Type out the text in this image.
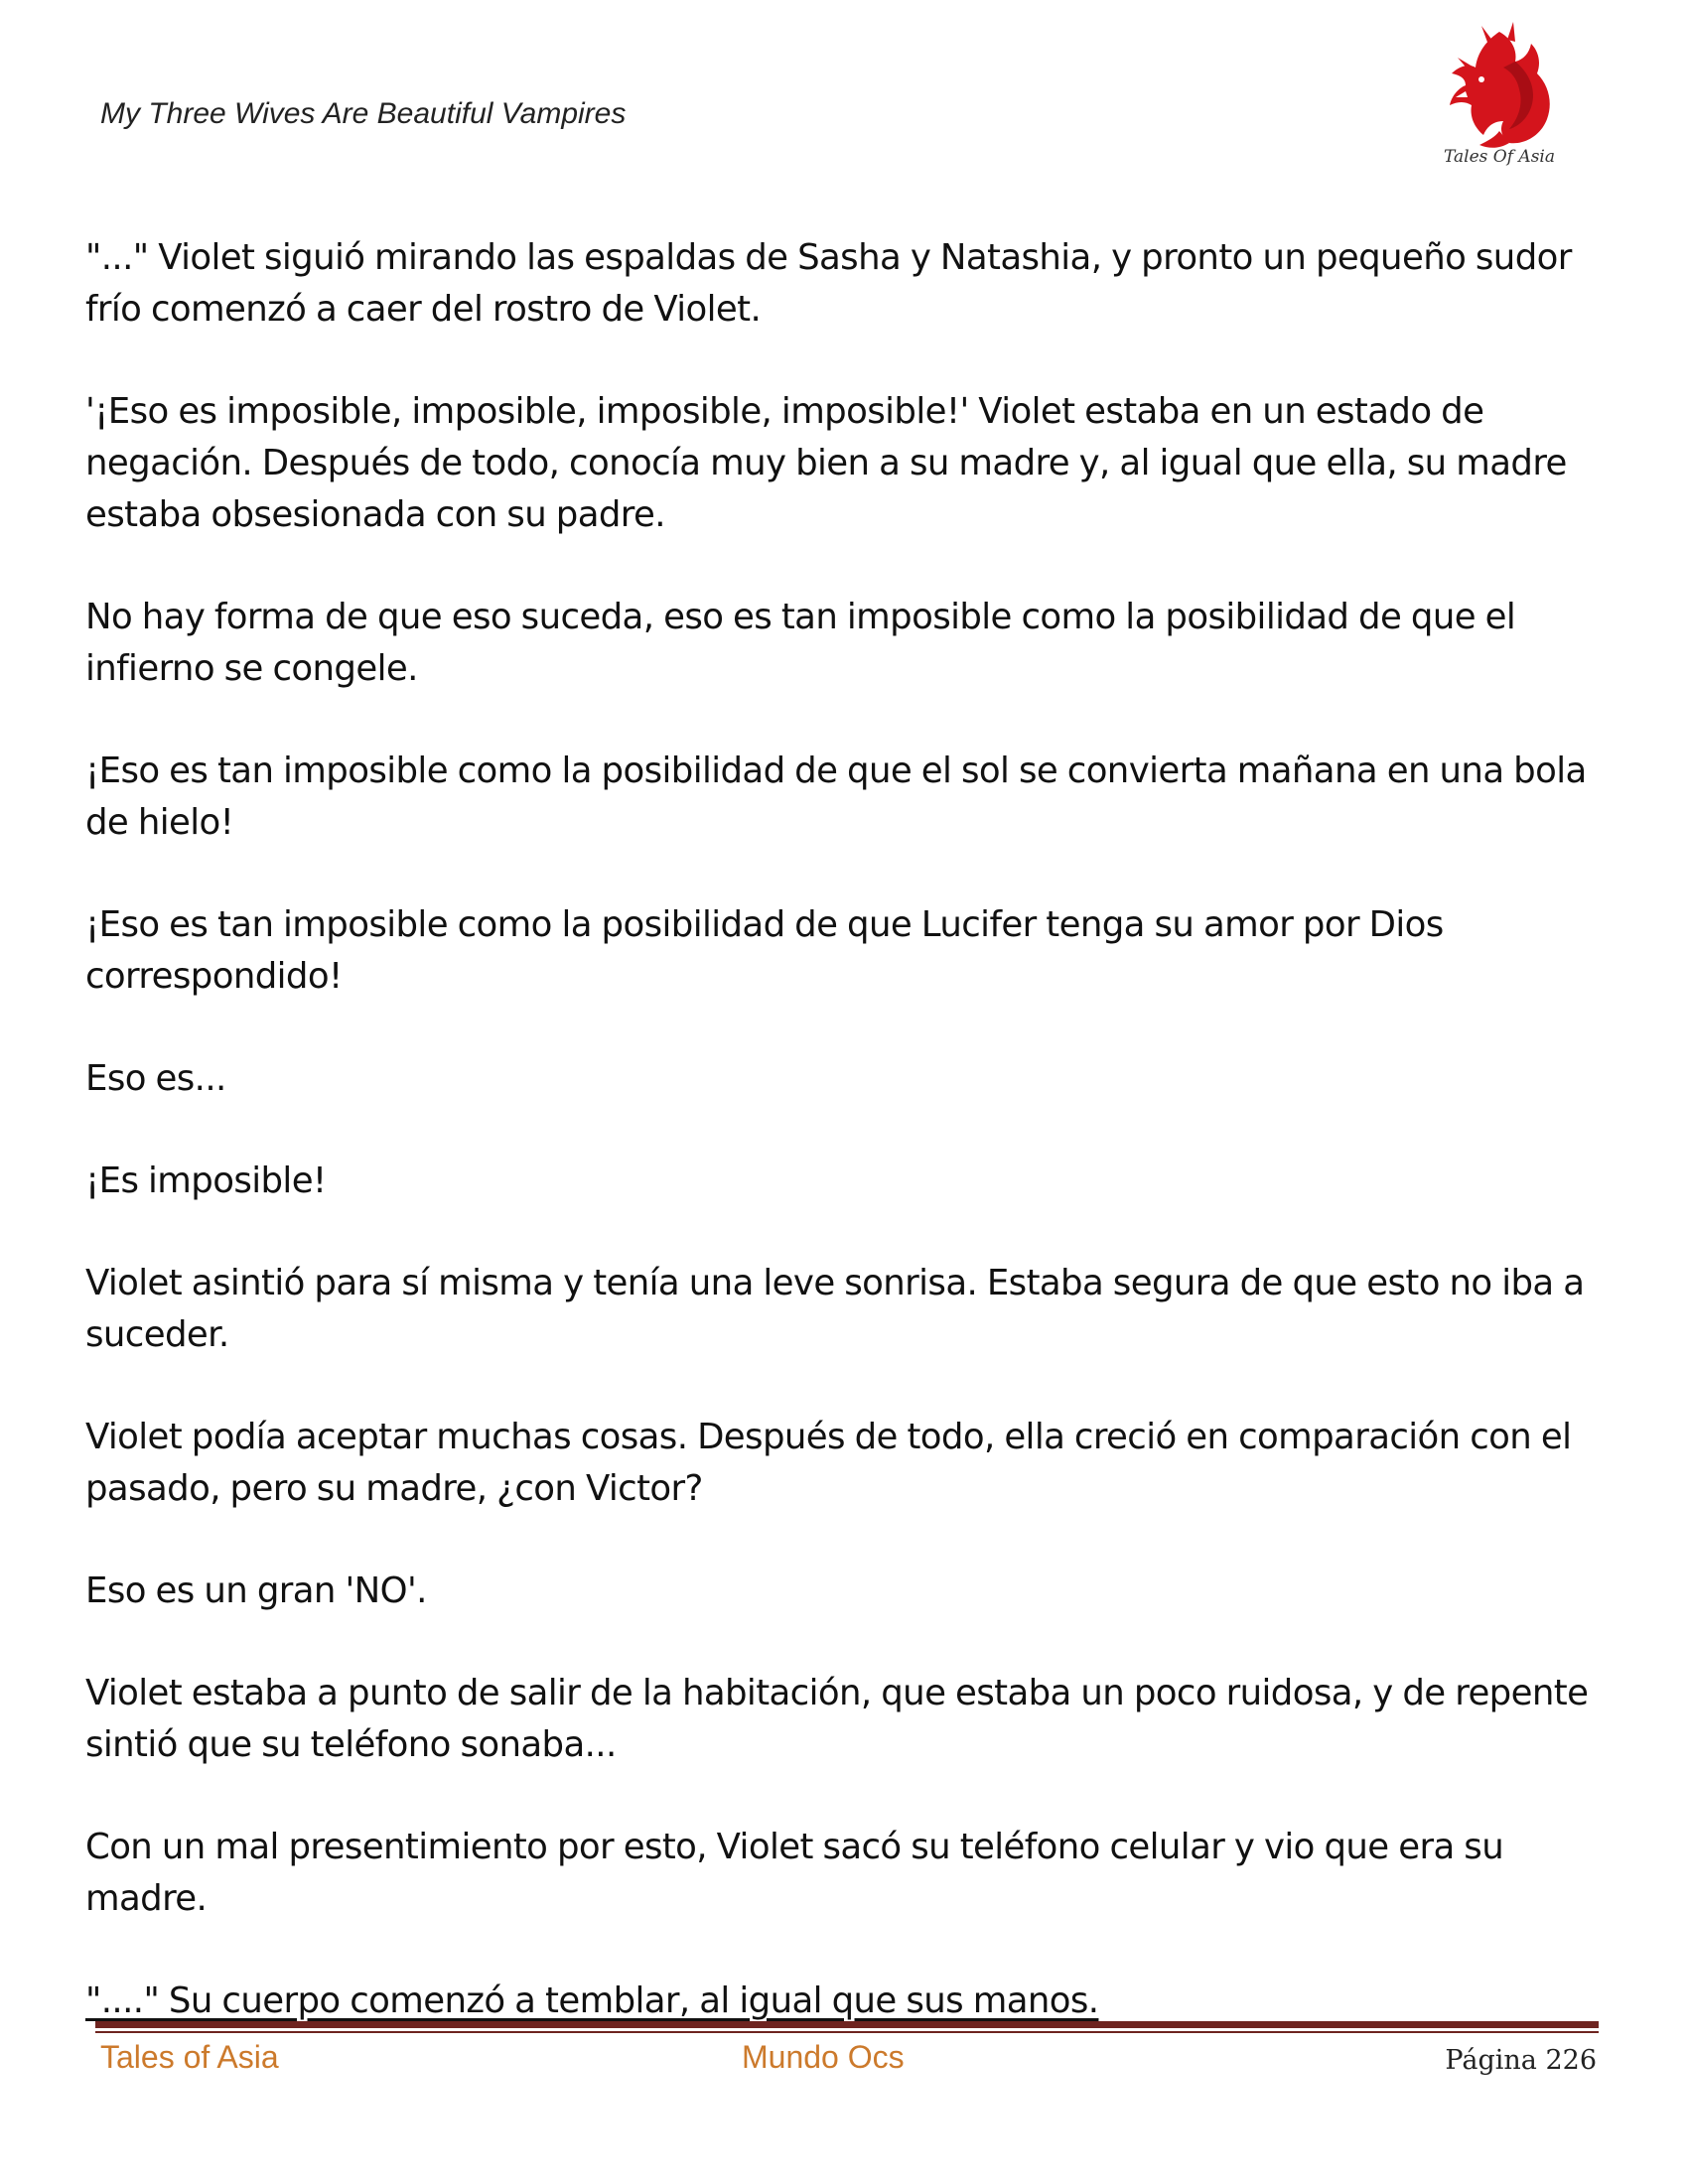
My Three Wives Are Beautiful Vampires
Tales Of Asia

"..." Violet siguió mirando las espaldas de Sasha y Natashia, y pronto un pequeño sudor frío comenzó a caer del rostro de Violet.

'¡Eso es imposible, imposible, imposible, imposible!' Violet estaba en un estado de negación. Después de todo, conocía muy bien a su madre y, al igual que ella, su madre estaba obsesionada con su padre.

No hay forma de que eso suceda, eso es tan imposible como la posibilidad de que el infierno se congele.

¡Eso es tan imposible como la posibilidad de que el sol se convierta mañana en una bola de hielo!

¡Eso es tan imposible como la posibilidad de que Lucifer tenga su amor por Dios correspondido!

Eso es...

¡Es imposible!

Violet asintió para sí misma y tenía una leve sonrisa. Estaba segura de que esto no iba a suceder.

Violet podía aceptar muchas cosas. Después de todo, ella creció en comparación con el pasado, pero su madre, ¿con Victor?

Eso es un gran 'NO'.

Violet estaba a punto de salir de la habitación, que estaba un poco ruidosa, y de repente sintió que su teléfono sonaba...

Con un mal presentimiento por esto, Violet sacó su teléfono celular y vio que era su madre.

"...." Su cuerpo comenzó a temblar, al igual que sus manos.

Tales of Asia	Mundo Ocs	Página 226
